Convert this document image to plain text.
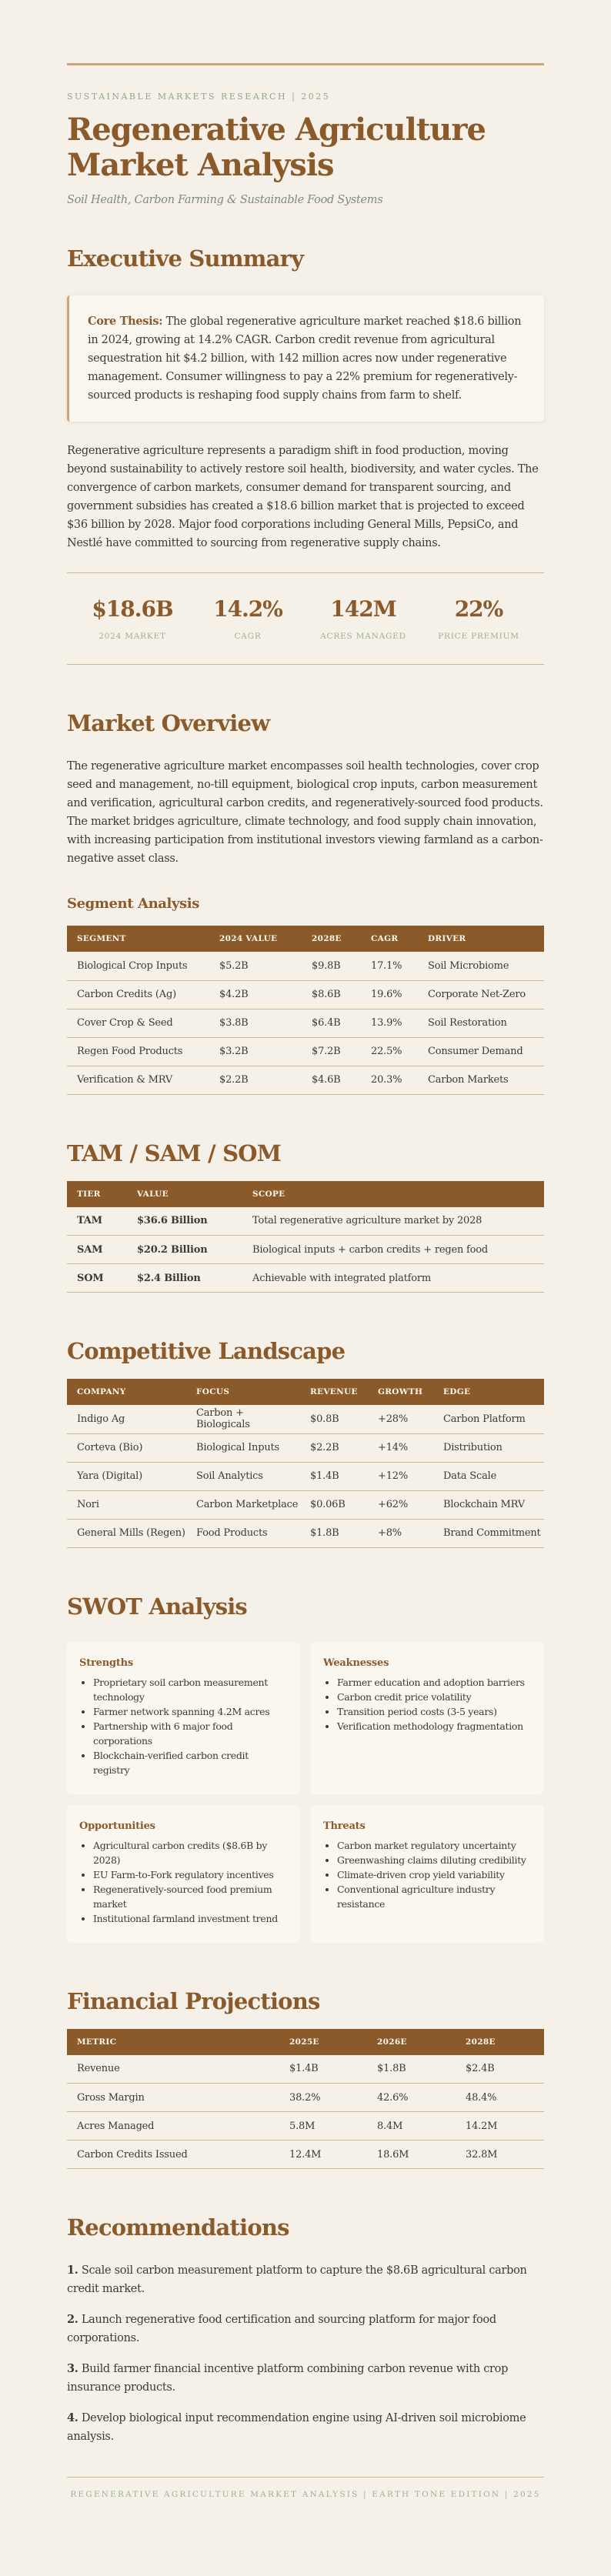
SUSTAINABLE MARKETS RESEARCH | 2025
Regenerative Agriculture Market Analysis
Soil Health, Carbon Farming & Sustainable Food Systems
Executive Summary
Core Thesis: The global regenerative agriculture market reached $18.6 billion in 2024, growing at 14.2% CAGR. Carbon credit revenue from agricultural sequestration hit $4.2 billion, with 142 million acres now under regenerative management. Consumer willingness to pay a 22% premium for regeneratively-sourced products is reshaping food supply chains from farm to shelf.

Regenerative agriculture represents a paradigm shift in food production, moving beyond sustainability to actively restore soil health, biodiversity, and water cycles. The convergence of carbon markets, consumer demand for transparent sourcing, and government subsidies has created a $18.6 billion market that is projected to exceed $36 billion by 2028. Major food corporations including General Mills, PepsiCo, and Nestlé have committed to sourcing from regenerative supply chains.

$18.6B
2024 MARKET
14.2%
CAGR
142M
ACRES MANAGED
22%
PRICE PREMIUM
Market Overview

The regenerative agriculture market encompasses soil health technologies, cover crop seed and management, no-till equipment, biological crop inputs, carbon measurement and verification, agricultural carbon credits, and regeneratively-sourced food products. The market bridges agriculture, climate technology, and food supply chain innovation, with increasing participation from institutional investors viewing farmland as a carbon-negative asset class.

Segment Analysis
SEGMENT	2024 VALUE	2028E	CAGR	DRIVER
Biological Crop Inputs	$5.2B	$9.8B	17.1%	Soil Microbiome
Carbon Credits (Ag)	$4.2B	$8.6B	19.6%	Corporate Net-Zero
Cover Crop & Seed	$3.8B	$6.4B	13.9%	Soil Restoration
Regen Food Products	$3.2B	$7.2B	22.5%	Consumer Demand
Verification & MRV	$2.2B	$4.6B	20.3%	Carbon Markets
TAM / SAM / SOM
TIER	VALUE	SCOPE
TAM	$36.6 Billion	Total regenerative agriculture market by 2028
SAM	$20.2 Billion	Biological inputs + carbon credits + regen food
SOM	$2.4 Billion	Achievable with integrated platform
Competitive Landscape
COMPANY	FOCUS	REVENUE	GROWTH	EDGE
Indigo Ag	Carbon + Biologicals	$0.8B	+28%	Carbon Platform
Corteva (Bio)	Biological Inputs	$2.2B	+14%	Distribution
Yara (Digital)	Soil Analytics	$1.4B	+12%	Data Scale
Nori	Carbon Marketplace	$0.06B	+62%	Blockchain MRV
General Mills (Regen)	Food Products	$1.8B	+8%	Brand Commitment
SWOT Analysis
Strengths
• Proprietary soil carbon measurement technology
• Farmer network spanning 4.2M acres
• Partnership with 6 major food corporations
• Blockchain-verified carbon credit registry
Weaknesses
• Farmer education and adoption barriers
• Carbon credit price volatility
• Transition period costs (3-5 years)
• Verification methodology fragmentation
Opportunities
• Agricultural carbon credits ($8.6B by 2028)
• EU Farm-to-Fork regulatory incentives
• Regeneratively-sourced food premium market
• Institutional farmland investment trend
Threats
• Carbon market regulatory uncertainty
• Greenwashing claims diluting credibility
• Climate-driven crop yield variability
• Conventional agriculture industry resistance
Financial Projections
METRIC	2025E	2026E	2028E
Revenue	$1.4B	$1.8B	$2.4B
Gross Margin	38.2%	42.6%	48.4%
Acres Managed	5.8M	8.4M	14.2M
Carbon Credits Issued	12.4M	18.6M	32.8M
Recommendations

1. Scale soil carbon measurement platform to capture the $8.6B agricultural carbon credit market.

2. Launch regenerative food certification and sourcing platform for major food corporations.

3. Build farmer financial incentive platform combining carbon revenue with crop insurance products.

4. Develop biological input recommendation engine using AI-driven soil microbiome analysis.

REGENERATIVE AGRICULTURE MARKET ANALYSIS | EARTH TONE EDITION | 2025
